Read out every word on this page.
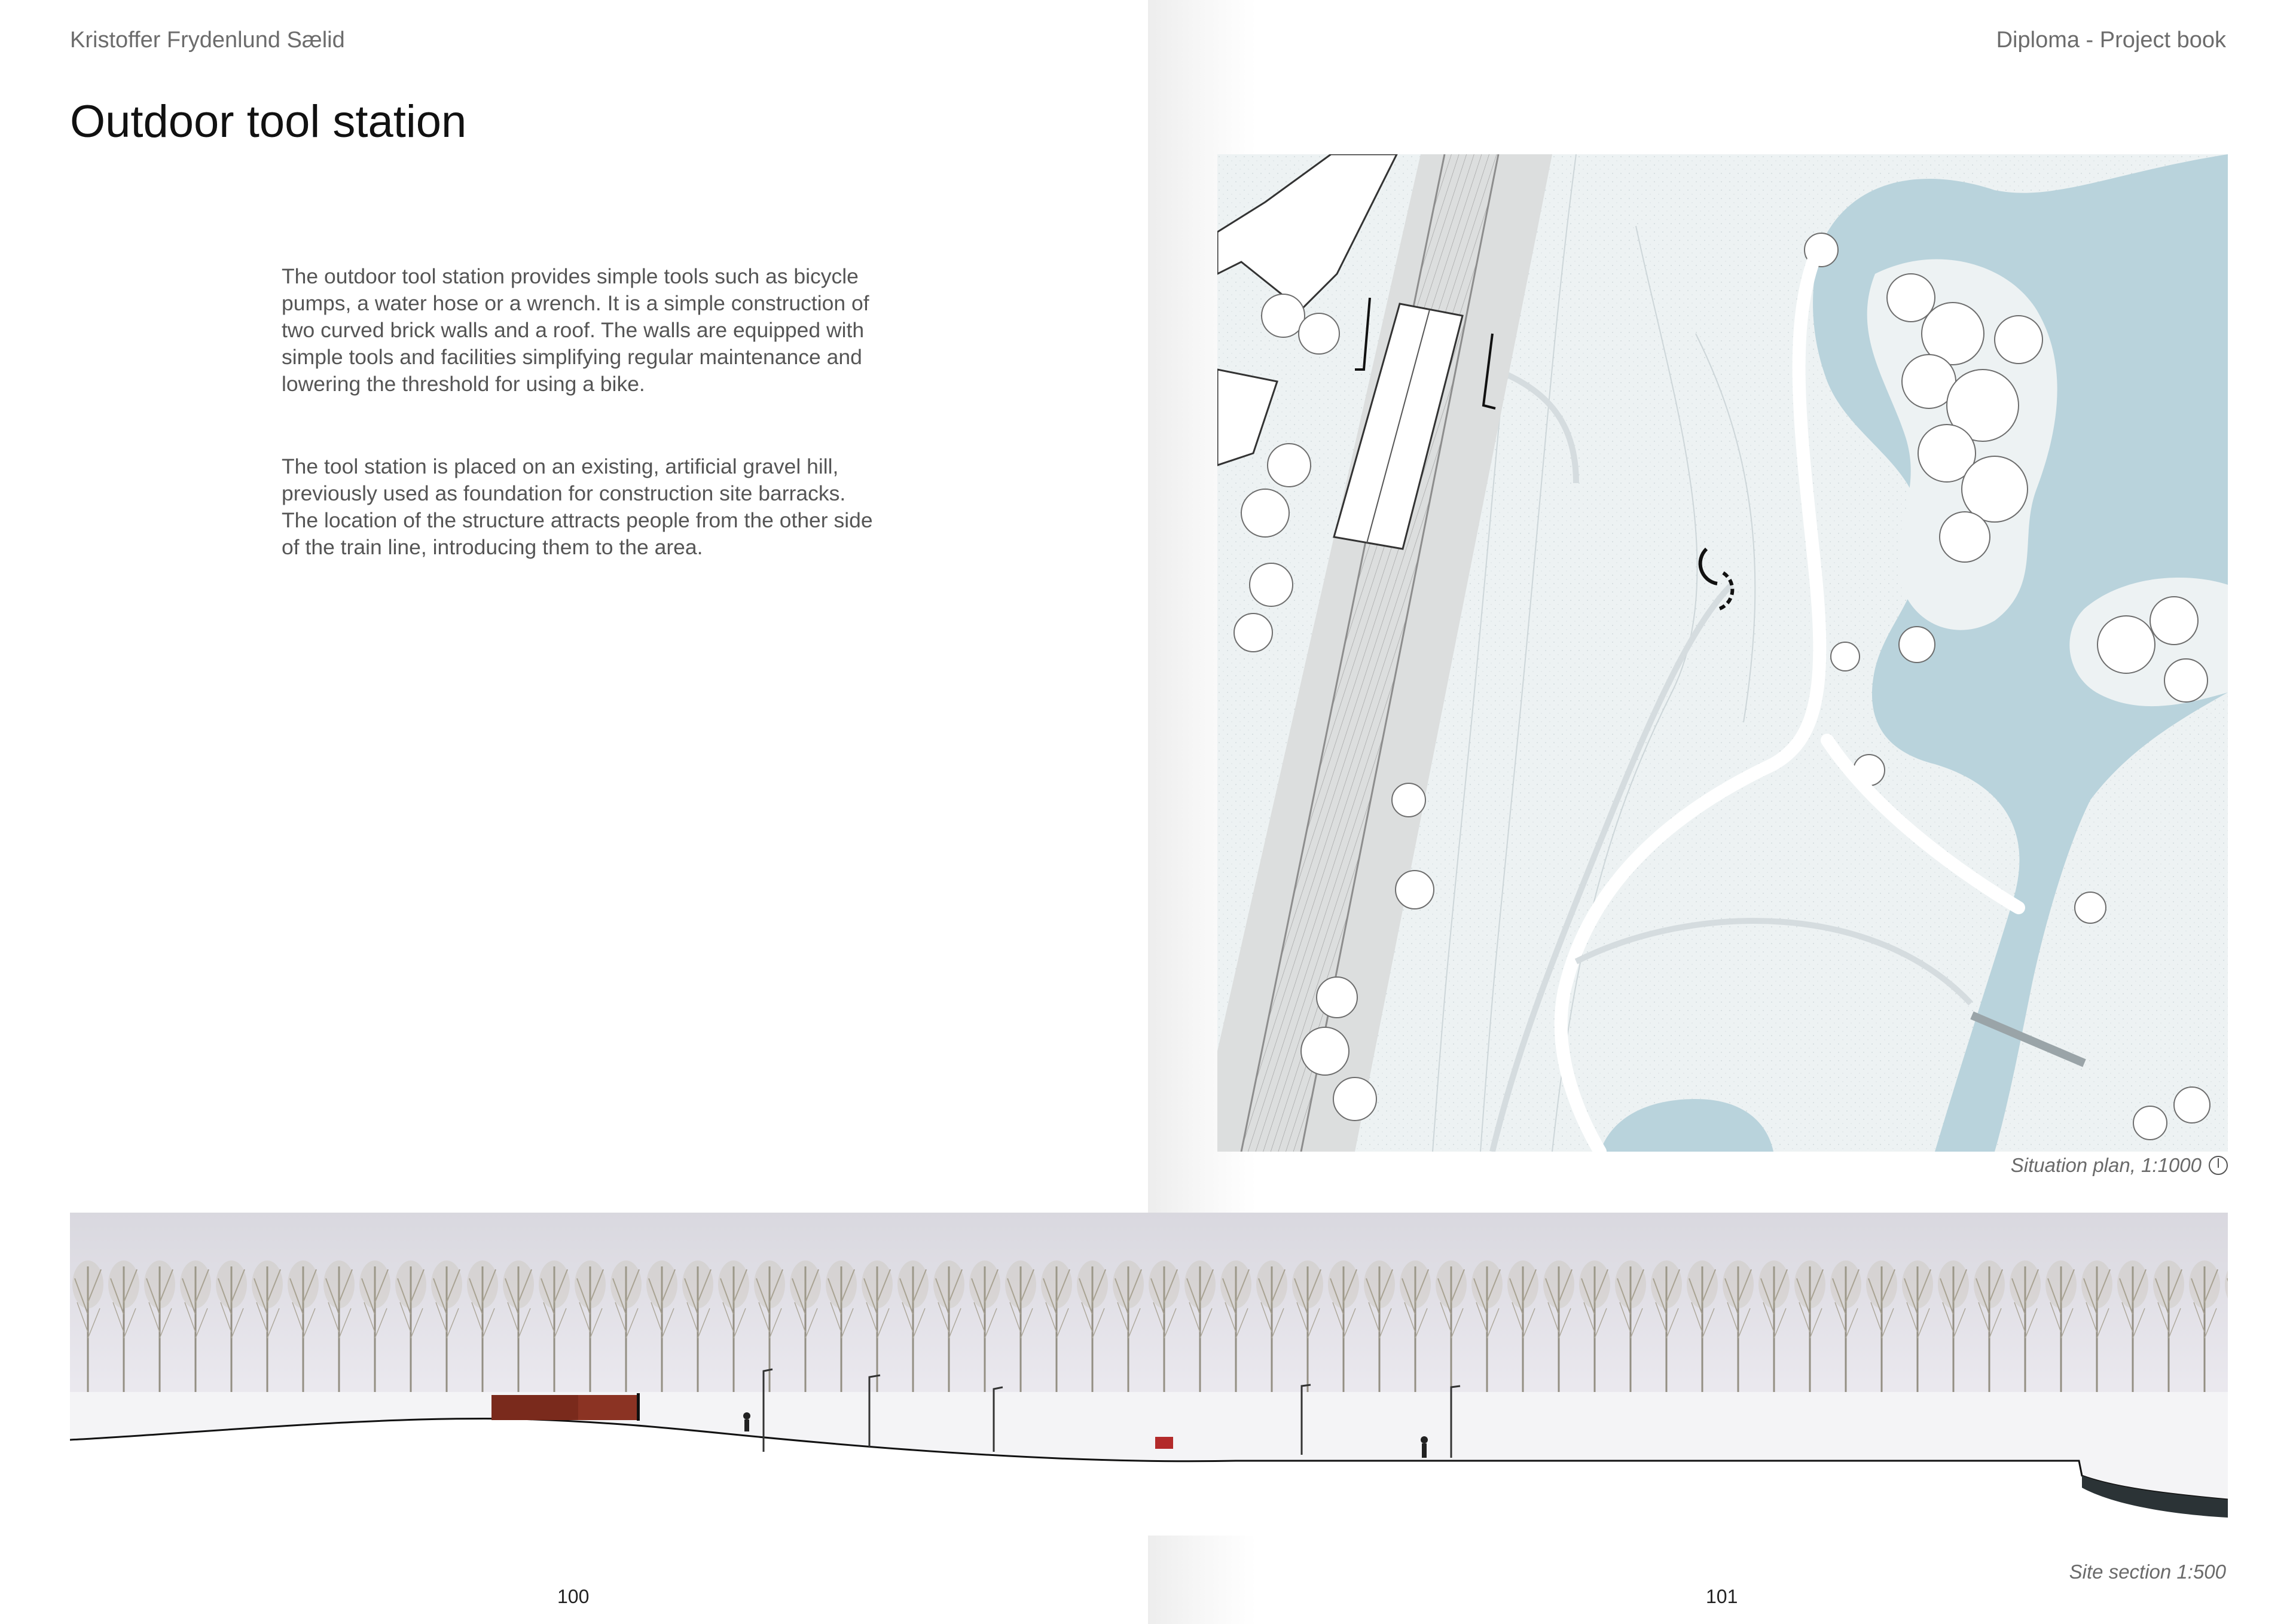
Kristoffer Frydenlund Sælid	Diploma - Project book
Outdoor tool station
The outdoor tool station provides simple tools such as bicycle pumps, a water hose or a wrench. It is a simple construction of two curved brick walls and a roof. The walls are equipped with simple tools and facilities simplifying regular maintenance and lowering the threshold for using a bike.
The tool station is placed on an existing, artificial gravel hill, previously used as foundation for construction site barracks. The location of the structure attracts people from the other side of the train line, introducing them to the area.
Situation plan, 1:1000
Site section 1:500
100	101
